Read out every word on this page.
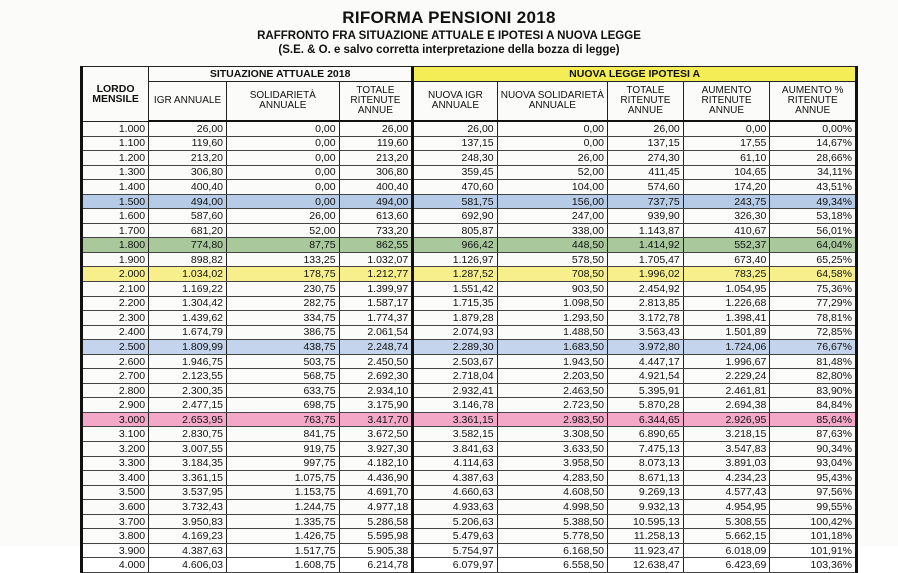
RIFORMA PENSIONI 2018
RAFFRONTO FRA SITUAZIONE ATTUALE E IPOTESI A NUOVA LEGGE
(S.E. & O. e salvo corretta interpretazione della bozza di legge)
LORDO MENSILE	SITUAZIONE ATTUALE 2018			NUOVA LEGGE IPOTESI A				
	IGR ANNUALE	SOLIDARIETÀ ANNUALE	TOTALE RITENUTE ANNUE	NUOVA IGR ANNUALE	NUOVA SOLIDARIETÀ ANNUALE	TOTALE RITENUTE ANNUE	AUMENTO RITENUTE ANNUE	AUMENTO % RITENUTE ANNUE
1.000	26,00	0,00	26,00	26,00	0,00	26,00	0,00	0,00%
1.100	119,60	0,00	119,60	137,15	0,00	137,15	17,55	14,67%
1.200	213,20	0,00	213,20	248,30	26,00	274,30	61,10	28,66%
1.300	306,80	0,00	306,80	359,45	52,00	411,45	104,65	34,11%
1.400	400,40	0,00	400,40	470,60	104,00	574,60	174,20	43,51%
1.500	494,00	0,00	494,00	581,75	156,00	737,75	243,75	49,34%
1.600	587,60	26,00	613,60	692,90	247,00	939,90	326,30	53,18%
1.700	681,20	52,00	733,20	805,87	338,00	1.143,87	410,67	56,01%
1.800	774,80	87,75	862,55	966,42	448,50	1.414,92	552,37	64,04%
1.900	898,82	133,25	1.032,07	1.126,97	578,50	1.705,47	673,40	65,25%
2.000	1.034,02	178,75	1.212,77	1.287,52	708,50	1.996,02	783,25	64,58%
2.100	1.169,22	230,75	1.399,97	1.551,42	903,50	2.454,92	1.054,95	75,36%
2.200	1.304,42	282,75	1.587,17	1.715,35	1.098,50	2.813,85	1.226,68	77,29%
2.300	1.439,62	334,75	1.774,37	1.879,28	1.293,50	3.172,78	1.398,41	78,81%
2.400	1.674,79	386,75	2.061,54	2.074,93	1.488,50	3.563,43	1.501,89	72,85%
2.500	1.809,99	438,75	2.248,74	2.289,30	1.683,50	3.972,80	1.724,06	76,67%
2.600	1.946,75	503,75	2.450,50	2.503,67	1.943,50	4.447,17	1.996,67	81,48%
2.700	2.123,55	568,75	2.692,30	2.718,04	2.203,50	4.921,54	2.229,24	82,80%
2.800	2.300,35	633,75	2.934,10	2.932,41	2.463,50	5.395,91	2.461,81	83,90%
2.900	2.477,15	698,75	3.175,90	3.146,78	2.723,50	5.870,28	2.694,38	84,84%
3.000	2.653,95	763,75	3.417,70	3.361,15	2.983,50	6.344,65	2.926,95	85,64%
3.100	2.830,75	841,75	3.672,50	3.582,15	3.308,50	6.890,65	3.218,15	87,63%
3.200	3.007,55	919,75	3.927,30	3.841,63	3.633,50	7.475,13	3.547,83	90,34%
3.300	3.184,35	997,75	4.182,10	4.114,63	3.958,50	8.073,13	3.891,03	93,04%
3.400	3.361,15	1.075,75	4.436,90	4.387,63	4.283,50	8.671,13	4.234,23	95,43%
3.500	3.537,95	1.153,75	4.691,70	4.660,63	4.608,50	9.269,13	4.577,43	97,56%
3.600	3.732,43	1.244,75	4.977,18	4.933,63	4.998,50	9.932,13	4.954,95	99,55%
3.700	3.950,83	1.335,75	5.286,58	5.206,63	5.388,50	10.595,13	5.308,55	100,42%
3.800	4.169,23	1.426,75	5.595,98	5.479,63	5.778,50	11.258,13	5.662,15	101,18%
3.900	4.387,63	1.517,75	5.905,38	5.754,97	6.168,50	11.923,47	6.018,09	101,91%
4.000	4.606,03	1.608,75	6.214,78	6.079,97	6.558,50	12.638,47	6.423,69	103,36%
